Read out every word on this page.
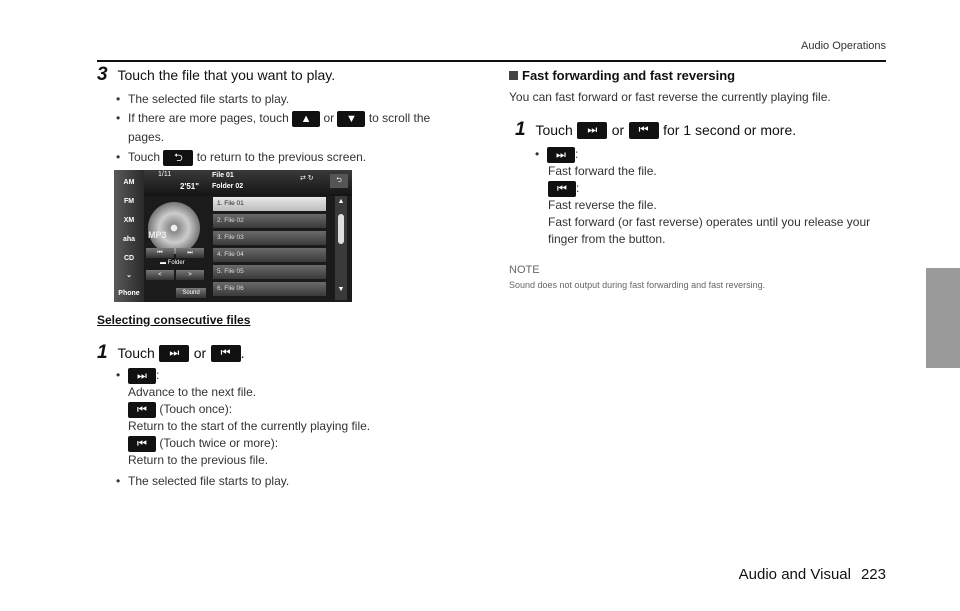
Audio Operations
3 Touch the file that you want to play.
• The selected file starts to play.
• If there are more pages, touch ▲ or ▼ to scroll the
pages.
• Touch ⮌ to return to the previous screen.
AM
FM
XM
aha
CD
⌄
Phone
1/11
2'51"
File 01
Folder 02
⇄ ↻	⮌
MP3
⏮	⏭
▬ Folder
<	>
Sound
1. File 01
2. File 02
3. File 03
4. File 04
5. File 05
6. File 06
▲
▼
Selecting consecutive files
1 Touch ⏭ or ⏮ .
• ⏭ :
Advance to the next file.
⏮ (Touch once):
Return to the start of the currently playing file.
⏮ (Touch twice or more):
Return to the previous file.
• The selected file starts to play.
Fast forwarding and fast reversing
You can fast forward or fast reverse the currently playing file.
1 Touch ⏭ or ⏮ for 1 second or more.
• ⏭ :
Fast forward the file.
⏮ :
Fast reverse the file.
Fast forward (or fast reverse) operates until you release your
finger from the button.
NOTE
Sound does not output during fast forwarding and fast reversing.
Audio and Visual 223
